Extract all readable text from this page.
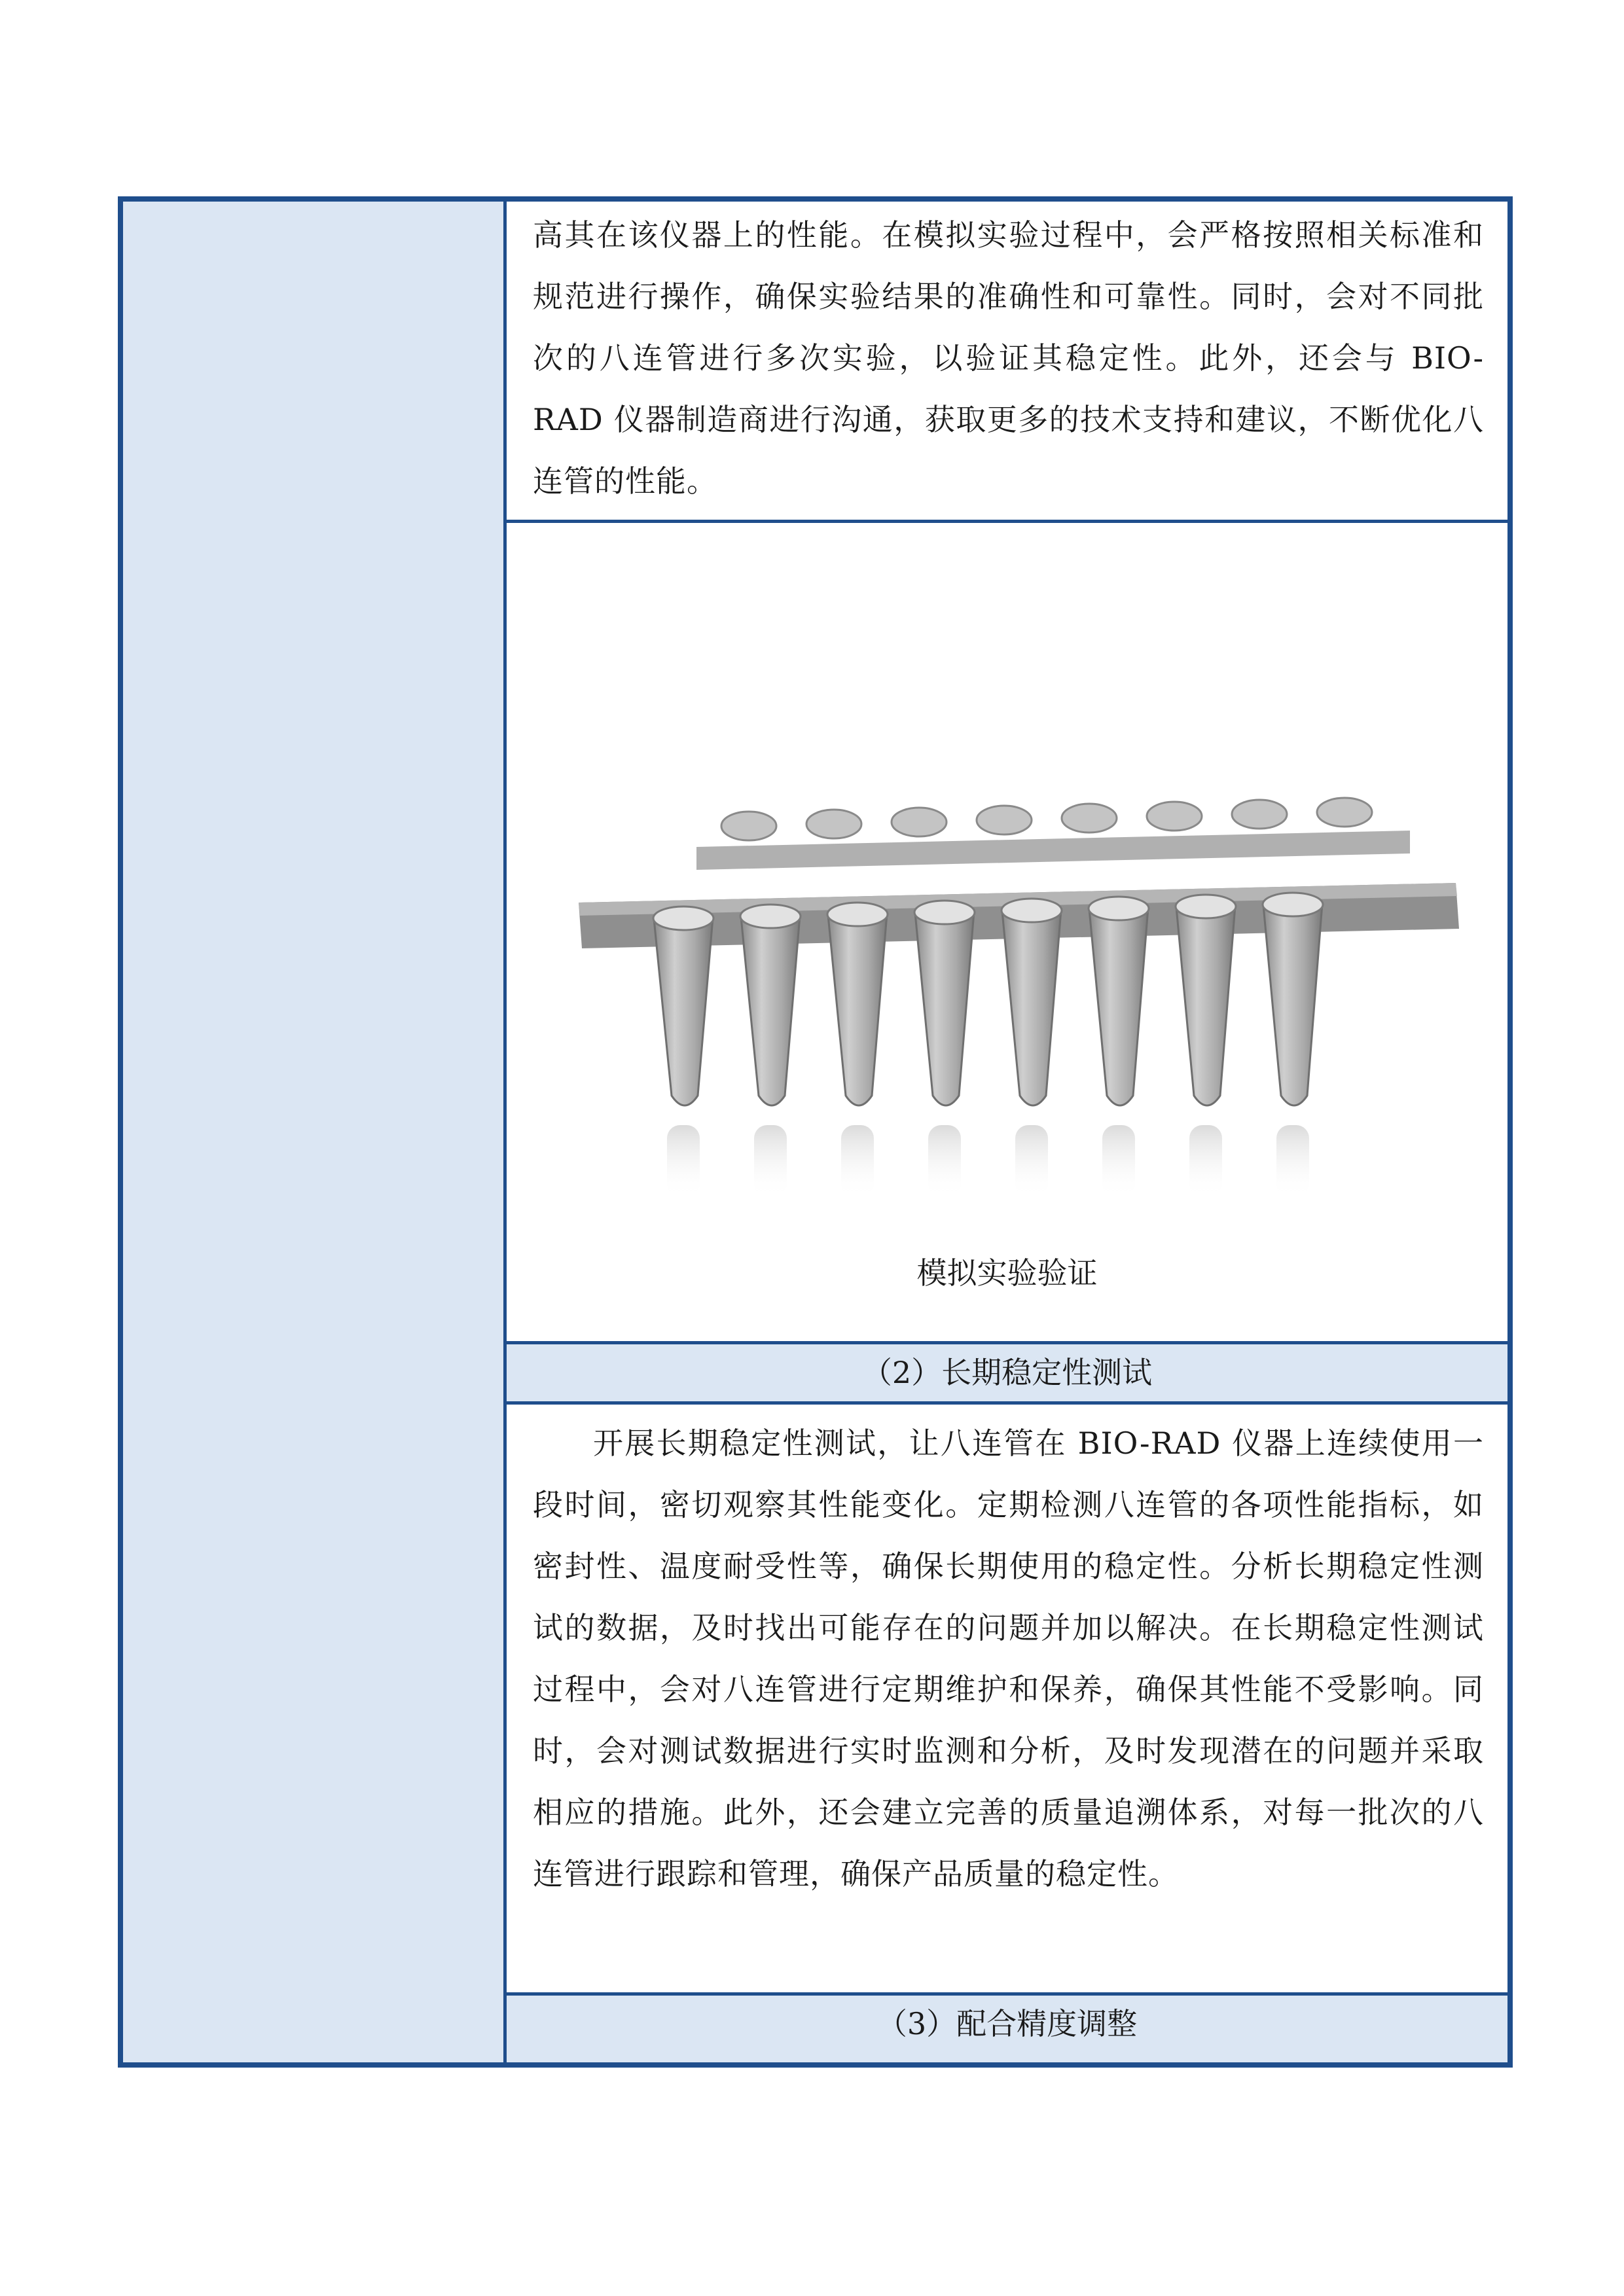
高其在该仪器上的性能。在模拟实验过程中，会严格按照相关标准和规范进行操作，确保实验结果的准确性和可靠性。同时，会对不同批次的八连管进行多次实验，以验证其稳定性。此外，还会与 BIO-RAD 仪器制造商进行沟通，获取更多的技术支持和建议，不断优化八连管的性能。
模拟实验验证
（2）长期稳定性测试

开展长期稳定性测试，让八连管在 BIO-RAD 仪器上连续使用一段时间，密切观察其性能变化。定期检测八连管的各项性能指标，如密封性、温度耐受性等，确保长期使用的稳定性。分析长期稳定性测试的数据，及时找出可能存在的问题并加以解决。在长期稳定性测试过程中，会对八连管进行定期维护和保养，确保其性能不受影响。同时，会对测试数据进行实时监测和分析，及时发现潜在的问题并采取相应的措施。此外，还会建立完善的质量追溯体系，对每一批次的八连管进行跟踪和管理，确保产品质量的稳定性。

（3）配合精度调整
